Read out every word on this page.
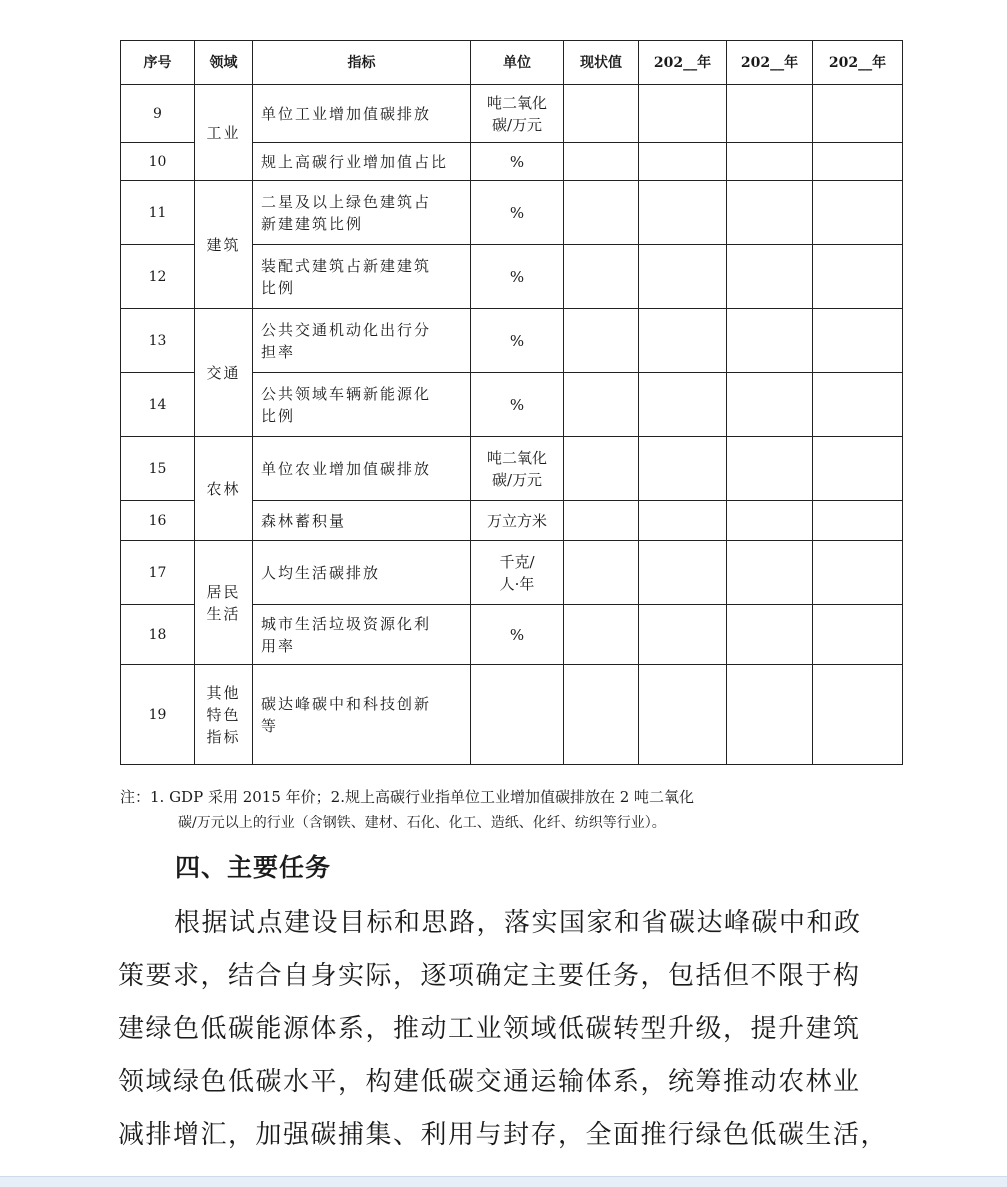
序号	领域	指标	单位	现状值	202__年	202__年	202__年
9	工业	单位工业增加值碳排放	吨二氧化
碳/万元				
10		规上高碳行业增加值占比	%				
11	建筑	二星及以上绿色建筑占
新建建筑比例	%				
12		装配式建筑占新建建筑
比例	%				
13	交通	公共交通机动化出行分
担率	%				
14		公共领域车辆新能源化
比例	%				
15	农林	单位农业增加值碳排放	吨二氧化
碳/万元				
16		森林蓄积量	万立方米				
17	居民
生活	人均生活碳排放	千克/
人·年				
18		城市生活垃圾资源化利
用率	%				
19	其他
特色
指标	碳达峰碳中和科技创新
等					
注：1. GDP 采用 2015 年价；2.规上高碳行业指单位工业增加值碳排放在 2 吨二氧化
碳/万元以上的行业（含钢铁、建材、石化、化工、造纸、化纤、纺织等行业）。
四、主要任务
根据试点建设目标和思路，落实国家和省碳达峰碳中和政
策要求，结合自身实际，逐项确定主要任务，包括但不限于构
建绿色低碳能源体系，推动工业领域低碳转型升级，提升建筑
领域绿色低碳水平，构建低碳交通运输体系，统筹推动农林业
减排增汇，加强碳捕集、利用与封存，全面推行绿色低碳生活，
